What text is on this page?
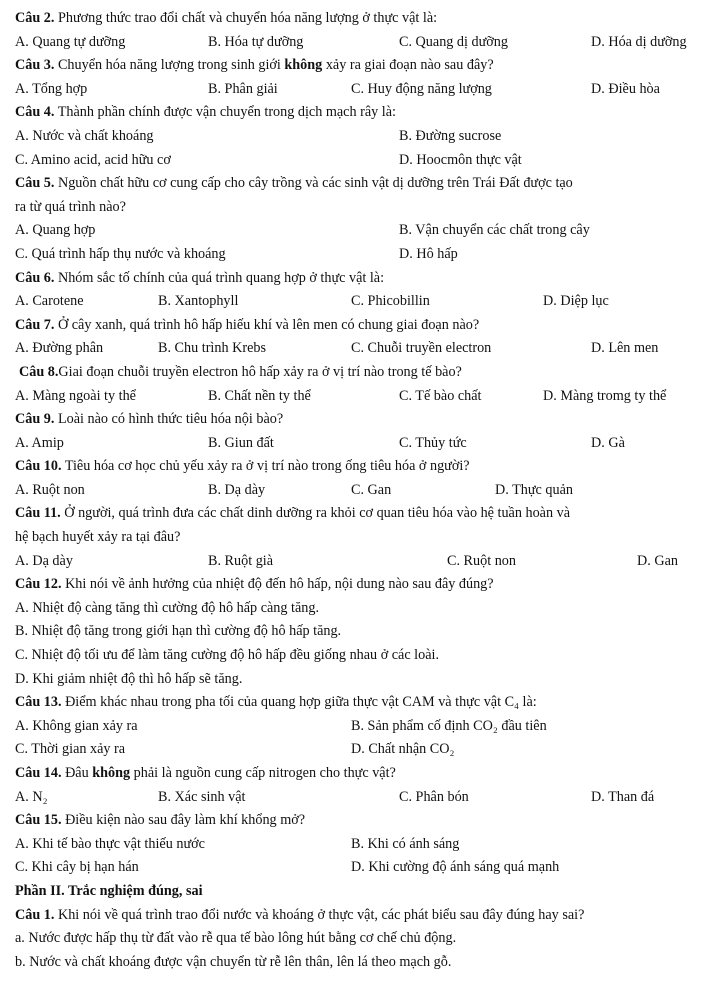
Câu 2. Phương thức trao đổi chất và chuyển hóa năng lượng ở thực vật là:
A. Quang tự dưỡng	B. Hóa tự dưỡng	C. Quang dị dưỡng	D. Hóa dị dưỡng
Câu 3. Chuyển hóa năng lượng trong sinh giới không xảy ra giai đoạn nào sau đây?
A. Tổng hợp	B. Phân giải	C. Huy động năng lượng	D. Điều hòa
Câu 4. Thành phần chính được vận chuyển trong dịch mạch rây là:
A. Nước và chất khoáng	B. Đường sucrose
C. Amino acid, acid hữu cơ	D. Hoocmôn thực vật
Câu 5. Nguồn chất hữu cơ cung cấp cho cây trồng và các sinh vật dị dưỡng trên Trái Đất được tạo
ra từ quá trình nào?
A. Quang hợp	B. Vận chuyển các chất trong cây
C. Quá trình hấp thụ nước và khoáng	D. Hô hấp
Câu 6. Nhóm sắc tố chính của quá trình quang hợp ở thực vật là:
A. Carotene	B. Xantophyll	C. Phicobillin	D. Diệp lục
Câu 7. Ở cây xanh, quá trình hô hấp hiếu khí và lên men có chung giai đoạn nào?
A. Đường phân	B. Chu trình Krebs	C. Chuỗi truyền electron	D. Lên men
Câu 8.Giai đoạn chuỗi truyền electron hô hấp xảy ra ở vị trí nào trong tế bào?
A. Màng ngoài ty thể	B. Chất nền ty thể	C. Tế bào chất	D. Màng tromg ty thể
Câu 9. Loài nào có hình thức tiêu hóa nội bào?
A. Amip	B. Giun đất	C. Thủy tức	D. Gà
Câu 10. Tiêu hóa cơ học chủ yếu xảy ra ở vị trí nào trong ống tiêu hóa ở người?
A. Ruột non	B. Dạ dày	C. Gan	D. Thực quản
Câu 11. Ở người, quá trình đưa các chất dinh dưỡng ra khỏi cơ quan tiêu hóa vào hệ tuần hoàn và
hệ bạch huyết xảy ra tại đâu?
A. Dạ dày	B. Ruột già	C. Ruột non	D. Gan
Câu 12. Khi nói về ảnh hưởng của nhiệt độ đến hô hấp, nội dung nào sau đây đúng?
A. Nhiệt độ càng tăng thì cường độ hô hấp càng tăng.
B. Nhiệt độ tăng trong giới hạn thì cường độ hô hấp tăng.
C. Nhiệt độ tối ưu để làm tăng cường độ hô hấp đều giống nhau ở các loài.
D. Khi giảm nhiệt độ thì hô hấp sẽ tăng.
Câu 13. Điểm khác nhau trong pha tối của quang hợp giữa thực vật CAM và thực vật C₄ là:
A. Không gian xảy ra	B. Sản phẩm cố định CO₂ đầu tiên
C. Thời gian xảy ra	D. Chất nhận CO₂
Câu 14. Đâu không phải là nguồn cung cấp nitrogen cho thực vật?
A. N₂	B. Xác sinh vật	C. Phân bón	D. Than đá
Câu 15. Điều kiện nào sau đây làm khí khổng mở?
A. Khi tế bào thực vật thiếu nước	B. Khi có ánh sáng
C. Khi cây bị hạn hán	D. Khi cường độ ánh sáng quá mạnh
Phần II. Trắc nghiệm đúng, sai
Câu 1. Khi nói về quá trình trao đổi nước và khoáng ở thực vật, các phát biểu sau đây đúng hay sai?
a. Nước được hấp thụ từ đất vào rễ qua tế bào lông hút bằng cơ chế chủ động.
b. Nước và chất khoáng được vận chuyển từ rễ lên thân, lên lá theo mạch gỗ.
